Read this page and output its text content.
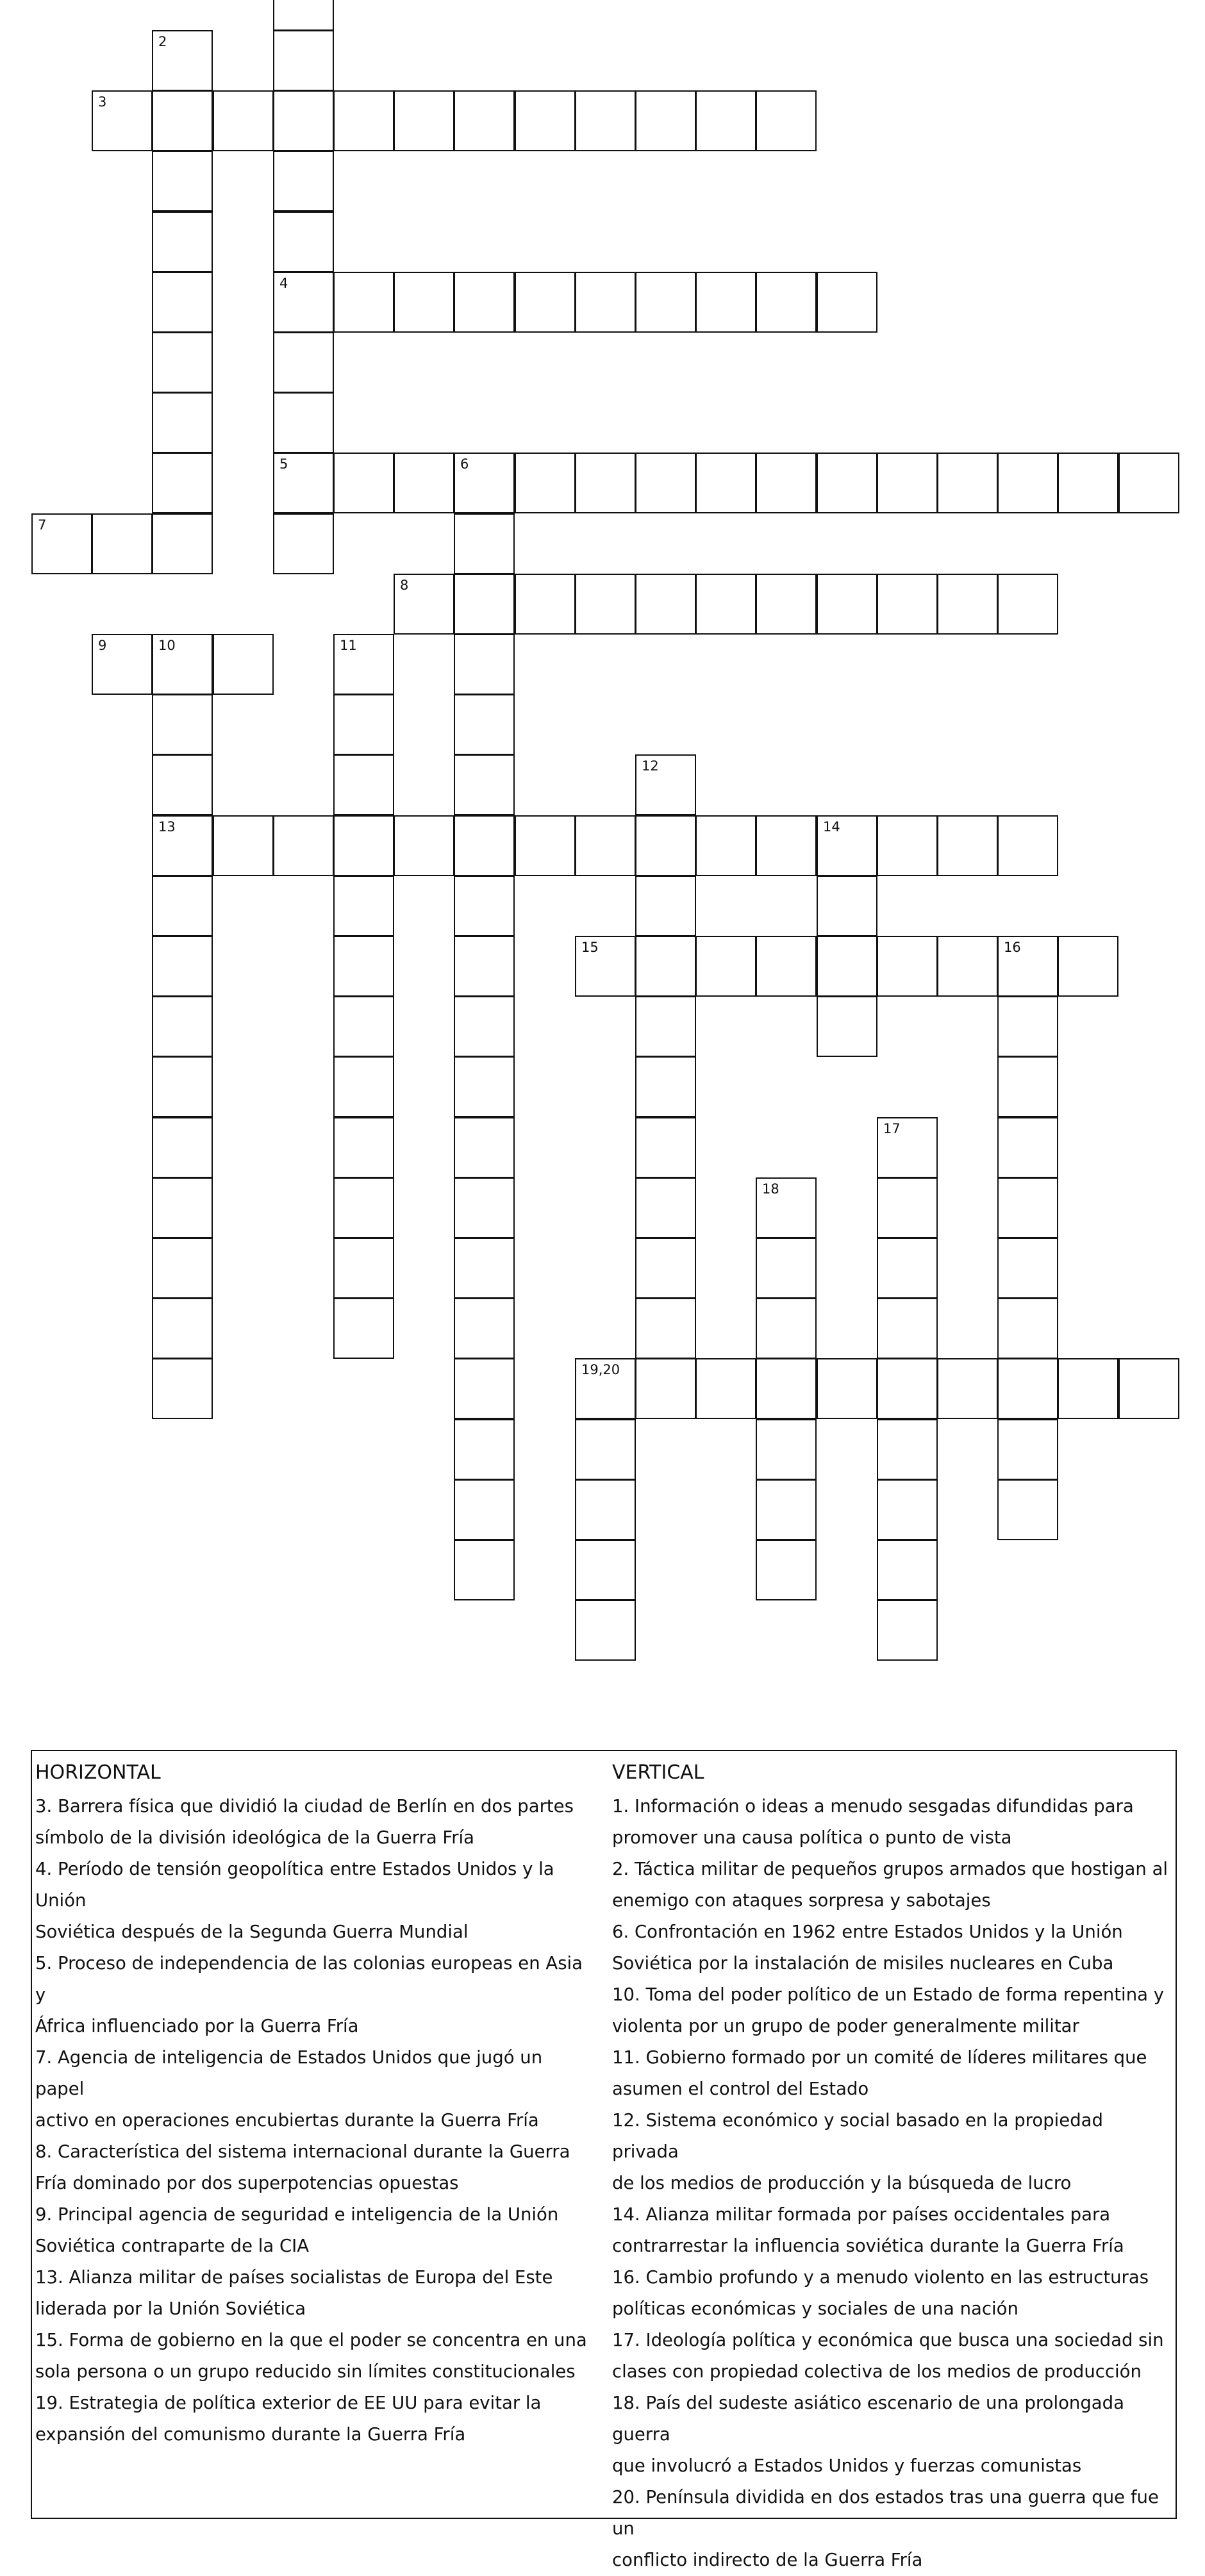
4
5
2
3
6
7
8
9	10
13
11
12
14
15	16
17
18
19,20
HORIZONTAL
3. Barrera física que dividió la ciudad de Berlín en dos partes
símbolo de la división ideológica de la Guerra Fría
4. Período de tensión geopolítica entre Estados Unidos y la Unión
Soviética después de la Segunda Guerra Mundial
5. Proceso de independencia de las colonias europeas en Asia y
África influenciado por la Guerra Fría
7. Agencia de inteligencia de Estados Unidos que jugó un papel
activo en operaciones encubiertas durante la Guerra Fría
8. Característica del sistema internacional durante la Guerra
Fría dominado por dos superpotencias opuestas
9. Principal agencia de seguridad e inteligencia de la Unión
Soviética contraparte de la CIA
13. Alianza militar de países socialistas de Europa del Este
liderada por la Unión Soviética
15. Forma de gobierno en la que el poder se concentra en una
sola persona o un grupo reducido sin límites constitucionales
19. Estrategia de política exterior de EE UU para evitar la
expansión del comunismo durante la Guerra Fría
VERTICAL
1. Información o ideas a menudo sesgadas difundidas para
promover una causa política o punto de vista
2. Táctica militar de pequeños grupos armados que hostigan al
enemigo con ataques sorpresa y sabotajes
6. Confrontación en 1962 entre Estados Unidos y la Unión
Soviética por la instalación de misiles nucleares en Cuba
10. Toma del poder político de un Estado de forma repentina y
violenta por un grupo de poder generalmente militar
11. Gobierno formado por un comité de líderes militares que
asumen el control del Estado
12. Sistema económico y social basado en la propiedad privada
de los medios de producción y la búsqueda de lucro
14. Alianza militar formada por países occidentales para
contrarrestar la influencia soviética durante la Guerra Fría
16. Cambio profundo y a menudo violento en las estructuras
políticas económicas y sociales de una nación
17. Ideología política y económica que busca una sociedad sin
clases con propiedad colectiva de los medios de producción
18. País del sudeste asiático escenario de una prolongada guerra
que involucró a Estados Unidos y fuerzas comunistas
20. Península dividida en dos estados tras una guerra que fue un
conflicto indirecto de la Guerra Fría
